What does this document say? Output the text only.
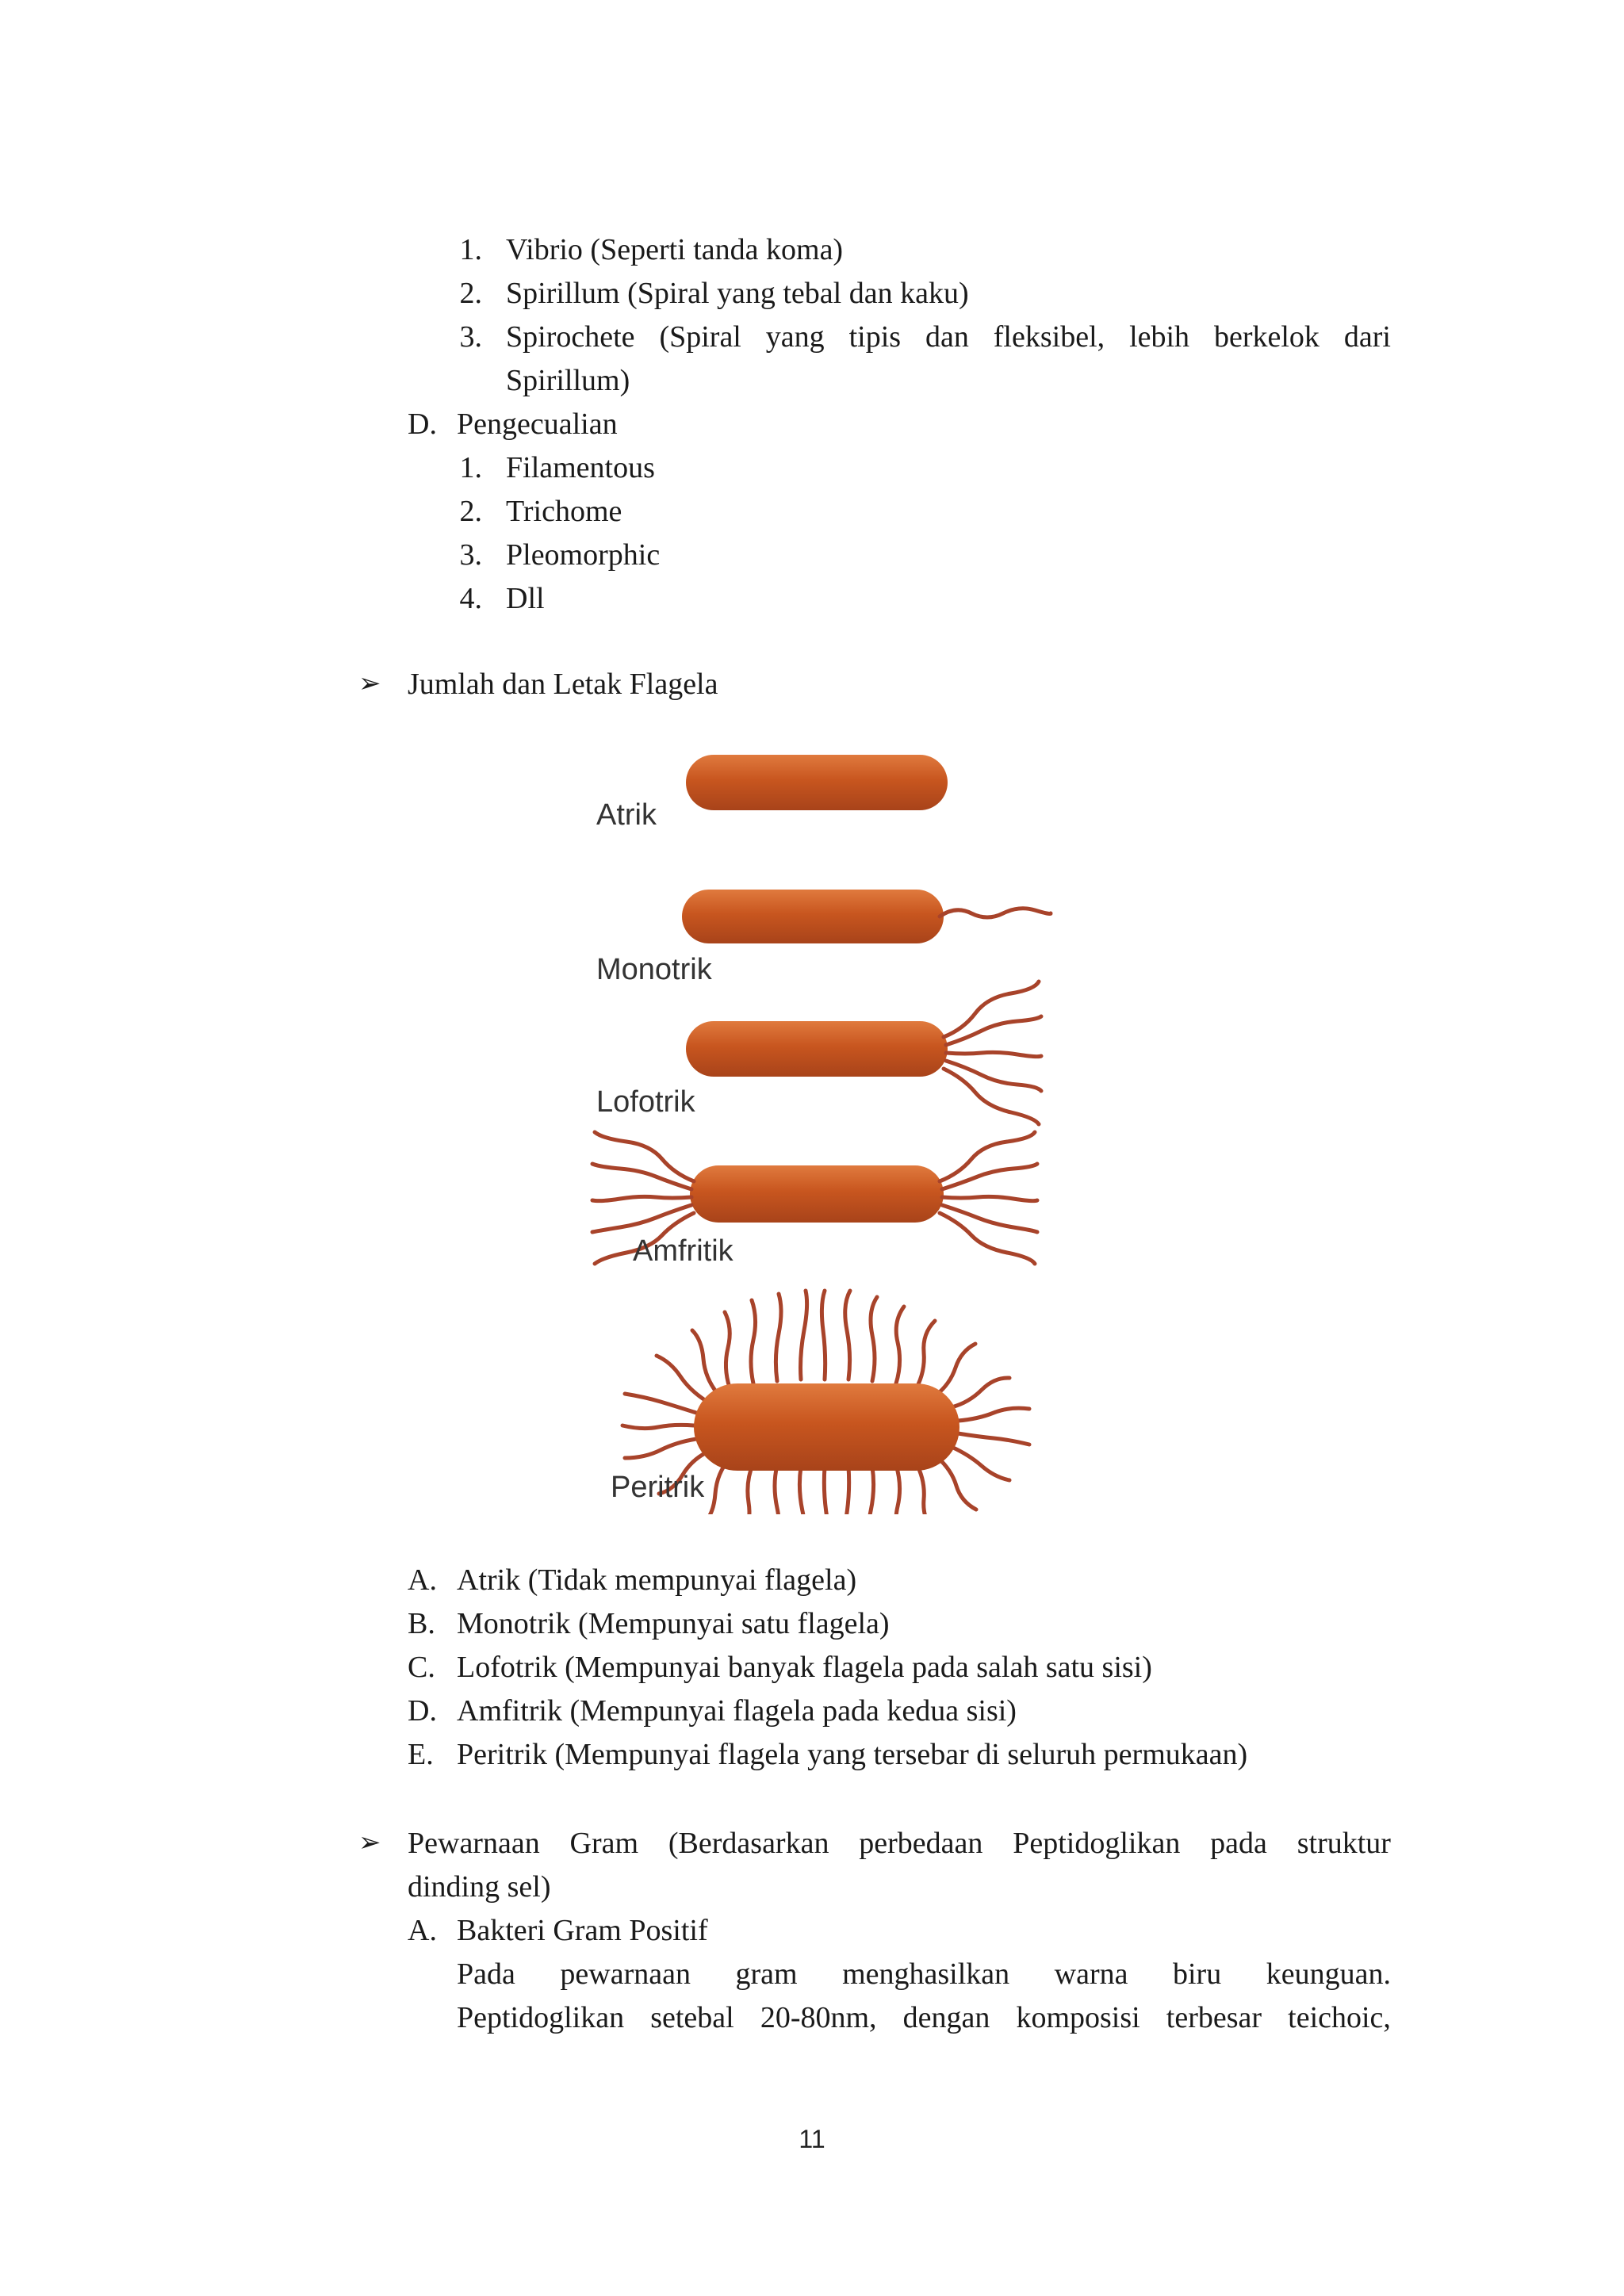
1. Vibrio (Seperti tanda koma)
2. Spirillum (Spiral yang tebal dan kaku)
3. Spirochete (Spiral yang tipis dan fleksibel, lebih berkelok dari
Spirillum)
D. Pengecualian
1. Filamentous
2. Trichome
3. Pleomorphic
4. Dll
➢ Jumlah dan Letak Flagela
Atrik
Monotrik
Lofotrik
Amfritik
Peritrik
A. Atrik (Tidak mempunyai flagela)
B. Monotrik (Mempunyai satu flagela)
C. Lofotrik (Mempunyai banyak flagela pada salah satu sisi)
D. Amfitrik (Mempunyai flagela pada kedua sisi)
E. Peritrik (Mempunyai flagela yang tersebar di seluruh permukaan)
➢ Pewarnaan Gram (Berdasarkan perbedaan Peptidoglikan pada struktur
dinding sel)
A. Bakteri Gram Positif
Pada pewarnaan gram menghasilkan warna biru keunguan.
Peptidoglikan setebal 20-80nm, dengan komposisi terbesar teichoic,
11
